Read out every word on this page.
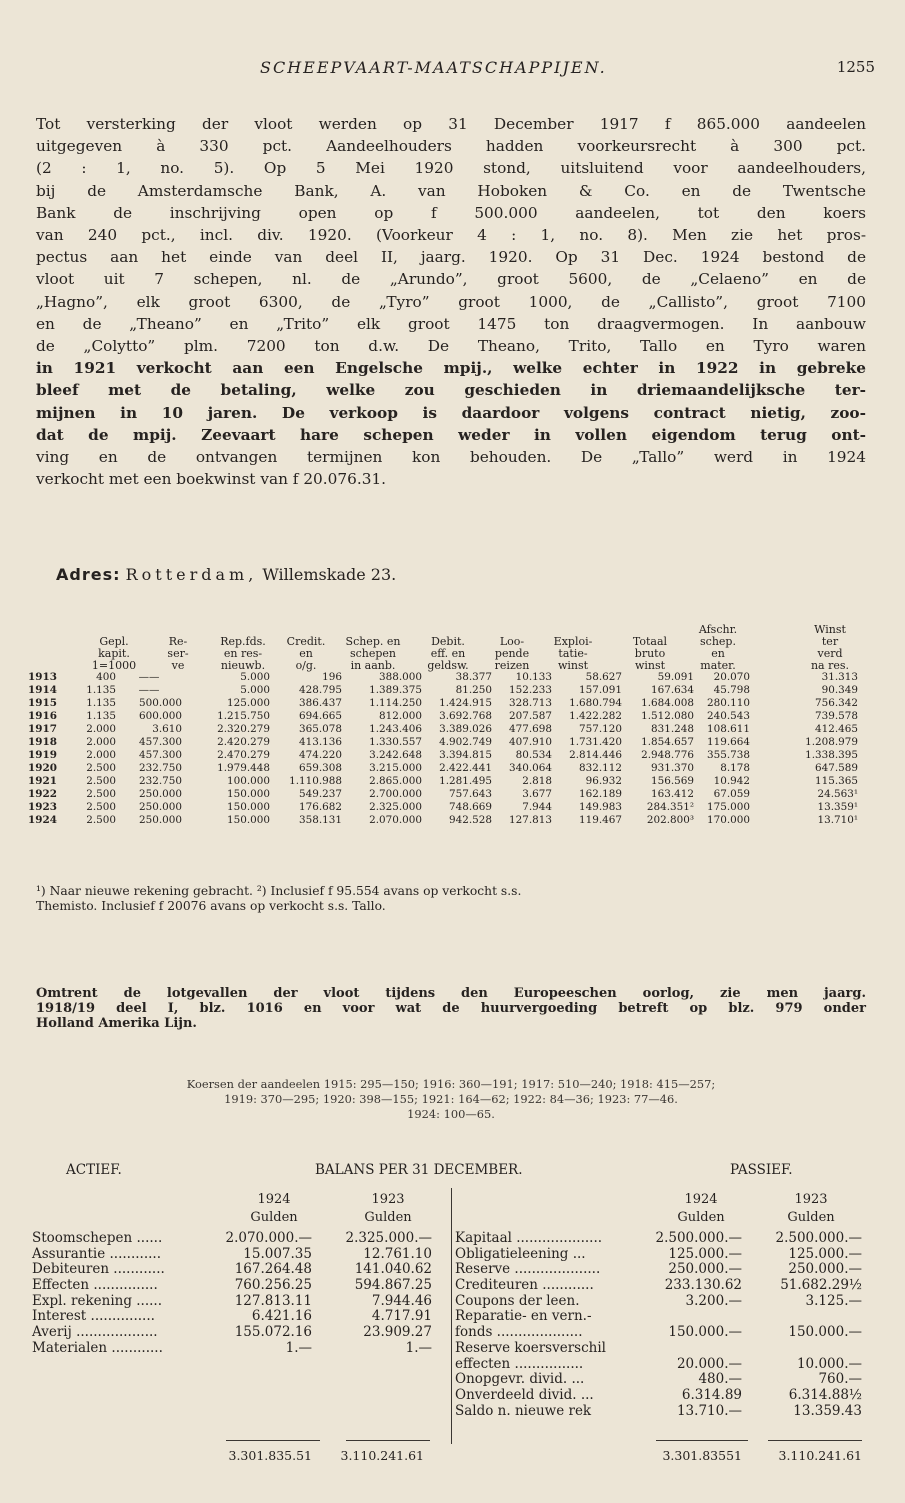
SCHEEPVAART-MAATSCHAPPIJEN.	1255
Tot versterking der vloot werden op 31 December 1917 f 865.000 aandeelen
uitgegeven à 330 pct. Aandeelhouders hadden voorkeursrecht à 300 pct.
(2 : 1, no. 5). Op 5 Mei 1920 stond, uitsluitend voor aandeelhouders,
bij de Amsterdamsche Bank, A. van Hoboken & Co. en de Twentsche
Bank de inschrijving open op f 500.000 aandeelen, tot den koers
van 240 pct., incl. div. 1920. (Voorkeur 4 : 1, no. 8). Men zie het pros-
pectus aan het einde van deel II, jaarg. 1920. Op 31 Dec. 1924 bestond de
vloot uit 7 schepen, nl. de „Arundo”, groot 5600, de „Celaeno” en de
„Hagno”, elk groot 6300, de „Tyro” groot 1000, de „Callisto”, groot 7100
en de „Theano” en „Trito” elk groot 1475 ton draagvermogen. In aanbouw
de „Colytto” plm. 7200 ton d.w. De Theano, Trito, Tallo en Tyro waren
in 1921 verkocht aan een Engelsche mpij., welke echter in 1922 in gebreke
bleef met de betaling, welke zou geschieden in driemaandelijksche ter-
mijnen in 10 jaren. De verkoop is daardoor volgens contract nietig, zoo-
dat de mpij. Zeevaart hare schepen weder in vollen eigendom terug ont-
ving en de ontvangen termijnen kon behouden. De „Tallo” werd in 1924
verkocht met een boekwinst van f 20.076.31.
Adres: Rotterdam, Willemskade 23.
Afschr.	Winst
Gepl.	Re-	Rep.fds.	Credit.	Schep. en	Debit.	Loo-	Exploi-	Totaal	schep.	ter
kapit.	ser-	en res-	en	schepen	eff. en	pende	tatie-	bruto	en	verd
1=1000	ve	nieuwb.	o/g.	in aanb.	geldsw.	reizen	winst	winst	mater.	na res.
1913	400	——	5.000	196	388.000	38.377	10.133	58.627	59.091	20.070	31.313
1914	1.135	——	5.000	428.795	1.389.375	81.250	152.233	157.091	167.634	45.798	90.349
1915	1.135	500.000	125.000	386.437	1.114.250	1.424.915	328.713	1.680.794	1.684.008	280.110	756.342
1916	1.135	600.000	1.215.750	694.665	812.000	3.692.768	207.587	1.422.282	1.512.080	240.543	739.578
1917	2.000	3.610	2.320.279	365.078	1.243.406	3.389.026	477.698	757.120	831.248	108.611	412.465
1918	2.000	457.300	2.420.279	413.136	1.330.557	4.902.749	407.910	1.731.420	1.854.657	119.664	1.208.979
1919	2.000	457.300	2.470.279	474.220	3.242.648	3.394.815	80.534	2.814.446	2.948.776	355.738	1.338.395
1920	2.500	232.750	1.979.448	659.308	3.215.000	2.422.441	340.064	832.112	931.370	8.178	647.589
1921	2.500	232.750	100.000	1.110.988	2.865.000	1.281.495	2.818	96.932	156.569	10.942	115.365
1922	2.500	250.000	150.000	549.237	2.700.000	757.643	3.677	162.189	163.412	67.059	24.563¹
1923	2.500	250.000	150.000	176.682	2.325.000	748.669	7.944	149.983	284.351²	175.000	13.359¹
1924	2.500	250.000	150.000	358.131	2.070.000	942.528	127.813	119.467	202.800³	170.000	13.710¹
¹) Naar nieuwe rekening gebracht. ²) Inclusief f 95.554 avans op verkocht s.s.
Themisto. Inclusief f 20076 avans op verkocht s.s. Tallo.
Omtrent de lotgevallen der vloot tijdens den Europeeschen oorlog, zie men jaarg.
1918/19 deel I, blz. 1016 en voor wat de huurvergoeding betreft op blz. 979 onder
Holland Amerika Lijn.
Koersen der aandeelen 1915: 295—150; 1916: 360—191; 1917: 510—240; 1918: 415—257;
1919: 370—295; 1920: 398—155; 1921: 164—62; 1922: 84—36; 1923: 77—46.
1924: 100—65.
ACTIEF.	BALANS PER 31 DECEMBER.	PASSIEF.
1924	1923
Gulden	Gulden
1924	1923
Gulden	Gulden
Stoomschepen ......	2.070.000.—	2.325.000.—
Assurantie ............	15.007.35	12.761.10
Debiteuren ............	167.264.48	141.040.62
Effecten ...............	760.256.25	594.867.25
Expl. rekening ......	127.813.11	7.944.46
Interest ...............	6.421.16	4.717.91
Averij ...................	155.072.16	23.909.27
Materialen ............	1.—	1.—
Kapitaal ....................	2.500.000.—	2.500.000.—
Obligatieleening ...	125.000.—	125.000.—
Reserve ....................	250.000.—	250.000.—
Crediteuren ............	233.130.62	51.682.29½
Coupons der leen.	3.200.—	3.125.—
Reparatie- en vern.-
fonds ....................	150.000.—	150.000.—
Reserve koersverschil
effecten ................	20.000.—	10.000.—
Onopgevr. divid. ...	480.—	760.—
Onverdeeld divid. ...	6.314.89	6.314.88½
Saldo n. nieuwe rek	13.710.—	13.359.43
3.301.835.51	3.110.241.61	3.301.83551	3.110.241.61
